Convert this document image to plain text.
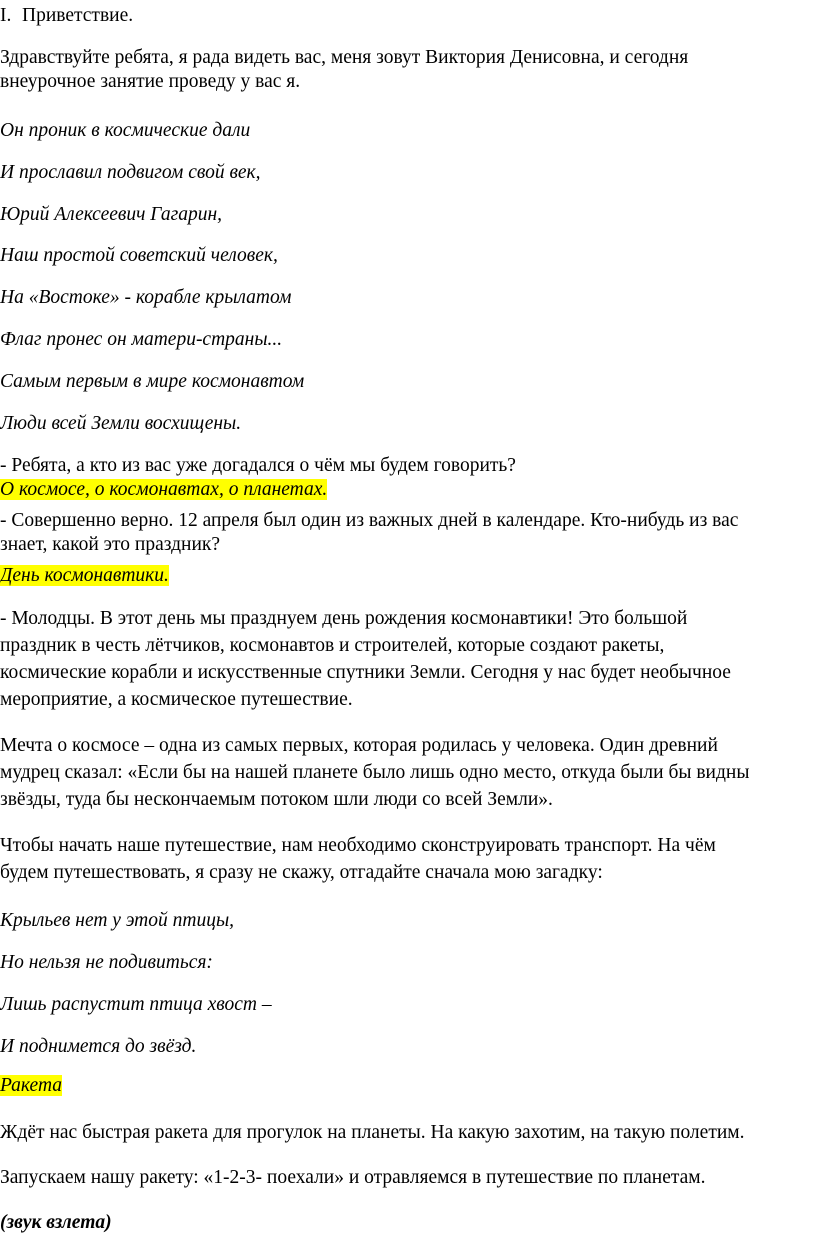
I. Приветствие.
Здравствуйте ребята, я рада видеть вас, меня зовут Виктория Денисовна, и сегодня
внеурочное занятие проведу у вас я.
Он проник в космические дали
И прославил подвигом свой век,
Юрий Алексеевич Гагарин,
Наш простой советский человек,
На «Востоке» - корабле крылатом
Флаг пронес он матери-страны...
Самым первым в мире космонавтом
Люди всей Земли восхищены.
- Ребята, а кто из вас уже догадался о чём мы будем говорить?
О космосе, о космонавтах, о планетах.
- Совершенно верно. 12 апреля был один из важных дней в календаре. Кто-нибудь из вас
знает, какой это праздник?
День космонавтики.
- Молодцы. В этот день мы празднуем день рождения космонавтики! Это большой
праздник в честь лётчиков, космонавтов и строителей, которые создают ракеты,
космические корабли и искусственные спутники Земли. Сегодня у нас будет необычное
мероприятие, а космическое путешествие.
Мечта о космосе – одна из самых первых, которая родилась у человека. Один древний
мудрец сказал: «Если бы на нашей планете было лишь одно место, откуда были бы видны
звёзды, туда бы нескончаемым потоком шли люди со всей Земли».
Чтобы начать наше путешествие, нам необходимо сконструировать транспорт. На чём
будем путешествовать, я сразу не скажу, отгадайте сначала мою загадку:
Крыльев нет у этой птицы,
Но нельзя не подивиться:
Лишь распустит птица хвост –
И поднимется до звёзд.
Ракета
Ждёт нас быстрая ракета для прогулок на планеты. На какую захотим, на такую полетим.
Запускаем нашу ракету: «1-2-3- поехали» и отравляемся в путешествие по планетам.
(звук взлета)
